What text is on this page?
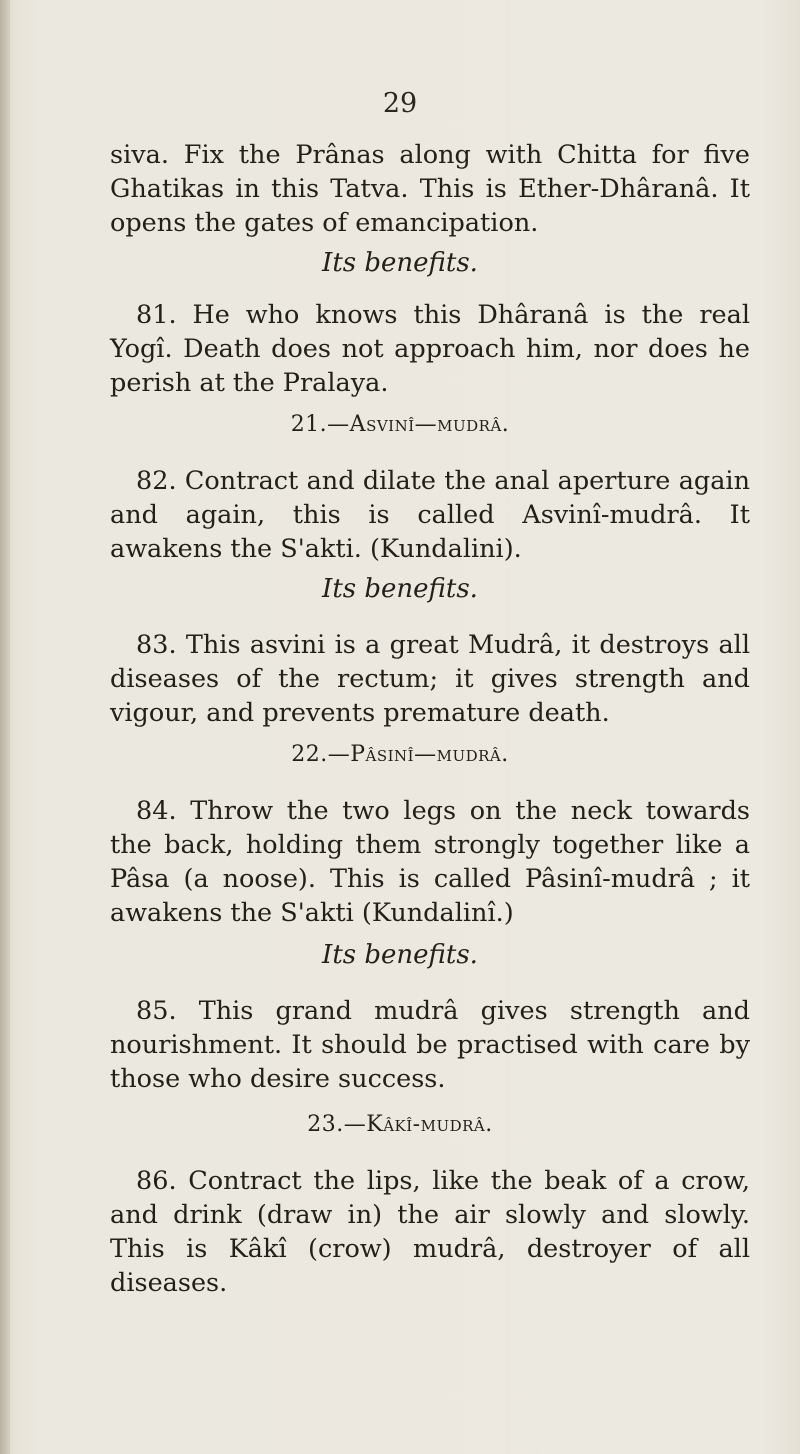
29

siva. Fix the Prânas along with Chitta for five Ghatikas in this Tatva. This is Ether-Dhâranâ. It opens the gates of emancipation.

Its benefits.

81. He who knows this Dhâranâ is the real Yogî. Death does not approach him, nor does he perish at the Pralaya.

21.—Asvinî—mudrâ.

82. Contract and dilate the anal aperture again and again, this is called Asvinî-mudrâ. It awakens the S'akti. (Kundalini).

Its benefits.

83. This asvini is a great Mudrâ, it destroys all diseases of the rectum; it gives strength and vigour, and prevents premature death.

22.—Pâsinî—mudrâ.

84. Throw the two legs on the neck towards the back, holding them strongly together like a Pâsa (a noose). This is called Pâsinî-mudrâ ; it awakens the S'akti (Kundalinî.)

Its benefits.

85. This grand mudrâ gives strength and nourishment. It should be practised with care by those who desire success.

23.—Kâkî-mudrâ.

86. Contract the lips, like the beak of a crow, and drink (draw in) the air slowly and slowly. This is Kâkî (crow) mudrâ, destroyer of all diseases.
